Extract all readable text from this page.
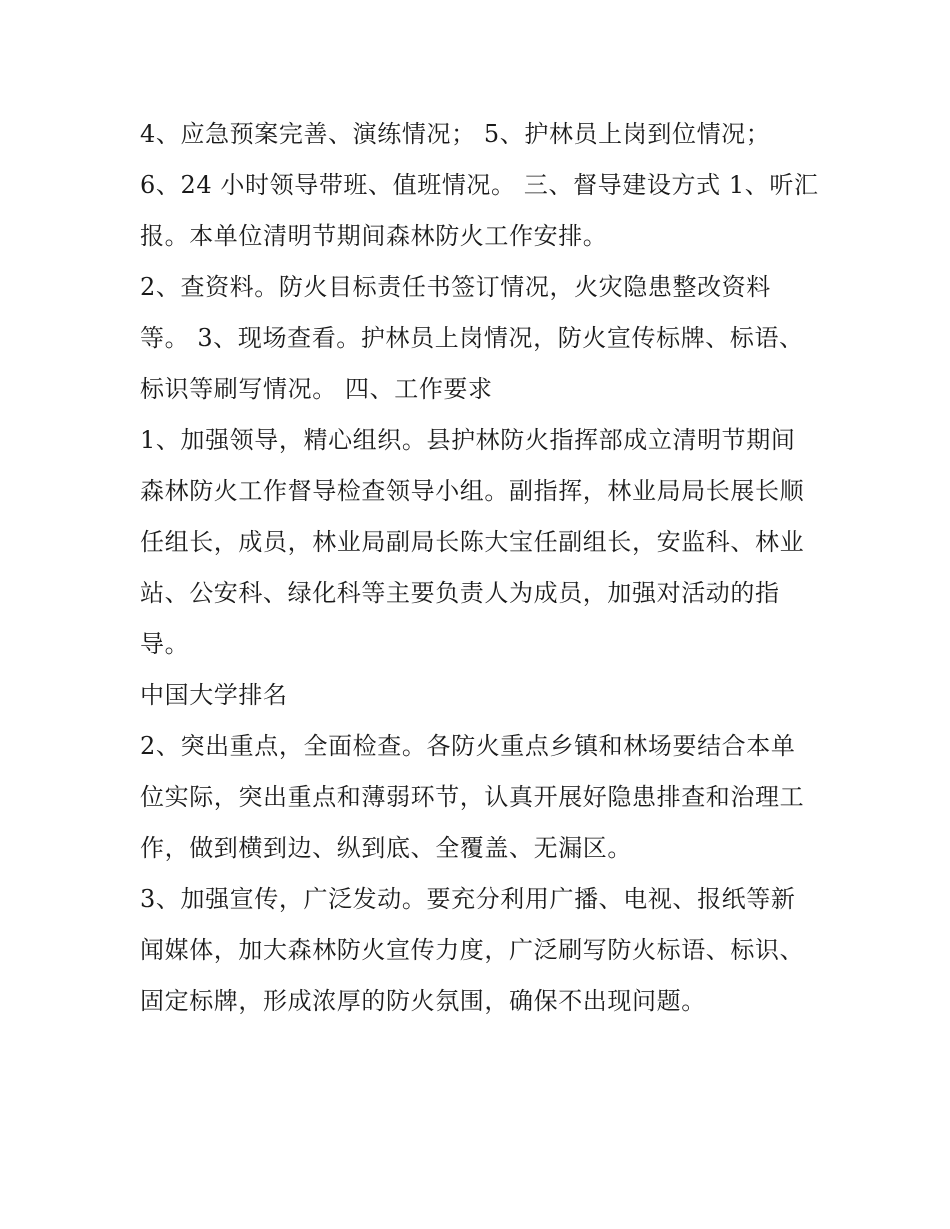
4、应急预案完善、演练情况； 5、护林员上岗到位情况；
6、24 小时领导带班、值班情况。 三、督导建设方式 1、听汇
报。本单位清明节期间森林防火工作安排。
2、查资料。防火目标责任书签订情况，火灾隐患整改资料
等。 3、现场查看。护林员上岗情况，防火宣传标牌、标语、
标识等刷写情况。 四、工作要求
1、加强领导，精心组织。县护林防火指挥部成立清明节期间
森林防火工作督导检查领导小组。副指挥，林业局局长展长顺
任组长，成员，林业局副局长陈大宝任副组长，安监科、林业
站、公安科、绿化科等主要负责人为成员，加强对活动的指
导。
中国大学排名
2、突出重点，全面检查。各防火重点乡镇和林场要结合本单
位实际，突出重点和薄弱环节，认真开展好隐患排查和治理工
作，做到横到边、纵到底、全覆盖、无漏区。
3、加强宣传，广泛发动。要充分利用广播、电视、报纸等新
闻媒体，加大森林防火宣传力度，广泛刷写防火标语、标识、
固定标牌，形成浓厚的防火氛围，确保不出现问题。
